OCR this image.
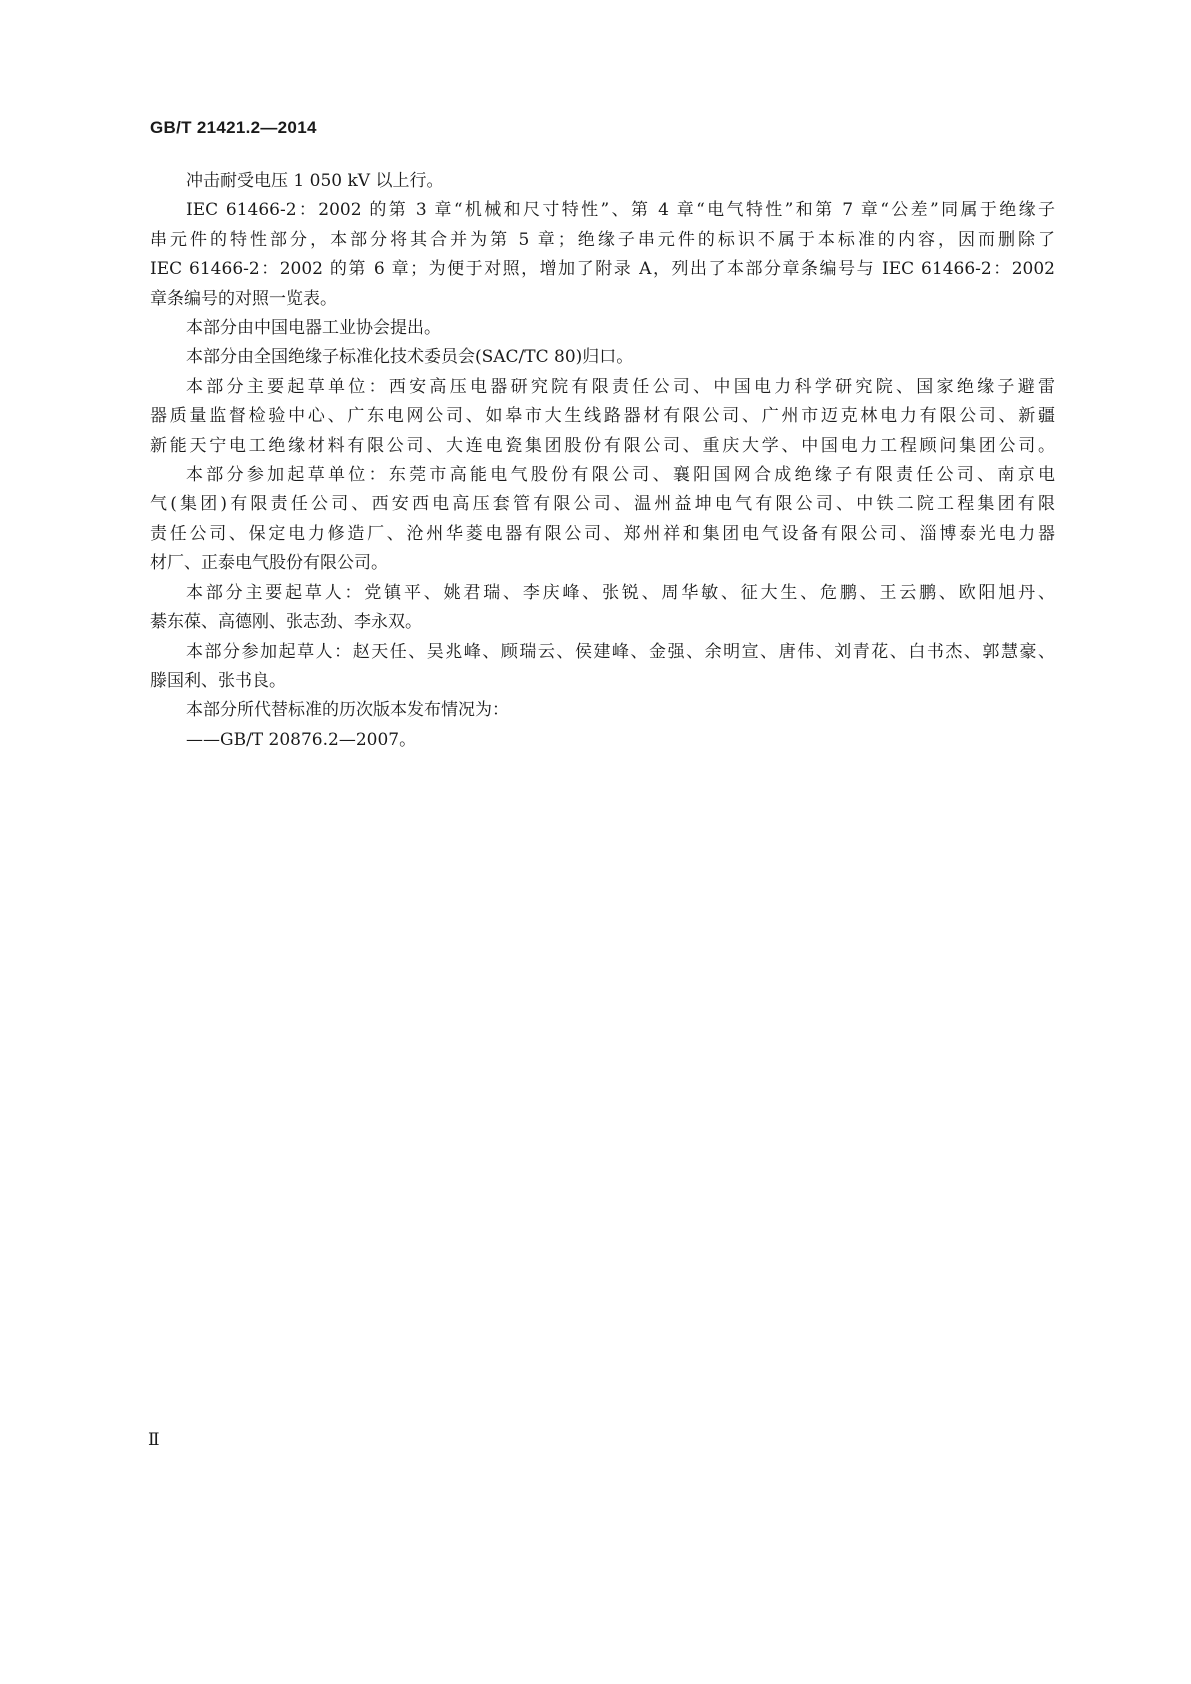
GB/T 21421.2—2014
冲击耐受电压 1 050 kV 以上行。
IEC 61466-2：2002 的第 3 章“机械和尺寸特性”、第 4 章“电气特性”和第 7 章“公差”同属于绝缘子
串元件的特性部分，本部分将其合并为第 5 章；绝缘子串元件的标识不属于本标准的内容，因而删除了
IEC 61466-2：2002 的第 6 章；为便于对照，增加了附录 A，列出了本部分章条编号与 IEC 61466-2：2002
章条编号的对照一览表。
本部分由中国电器工业协会提出。
本部分由全国绝缘子标准化技术委员会(SAC/TC 80)归口。
本部分主要起草单位：西安高压电器研究院有限责任公司、中国电力科学研究院、国家绝缘子避雷
器质量监督检验中心、广东电网公司、如皋市大生线路器材有限公司、广州市迈克林电力有限公司、新疆
新能天宁电工绝缘材料有限公司、大连电瓷集团股份有限公司、重庆大学、中国电力工程顾问集团公司。
本部分参加起草单位：东莞市高能电气股份有限公司、襄阳国网合成绝缘子有限责任公司、南京电
气(集团)有限责任公司、西安西电高压套管有限公司、温州益坤电气有限公司、中铁二院工程集团有限
责任公司、保定电力修造厂、沧州华菱电器有限公司、郑州祥和集团电气设备有限公司、淄博泰光电力器
材厂、正泰电气股份有限公司。
本部分主要起草人：党镇平、姚君瑞、李庆峰、张锐、周华敏、征大生、危鹏、王云鹏、欧阳旭丹、
綦东葆、高德刚、张志劲、李永双。
本部分参加起草人：赵天任、吴兆峰、顾瑞云、侯建峰、金强、余明宣、唐伟、刘青花、白书杰、郭慧豪、
滕国利、张书良。
本部分所代替标准的历次版本发布情况为：
——GB/T 20876.2—2007。
Ⅱ
